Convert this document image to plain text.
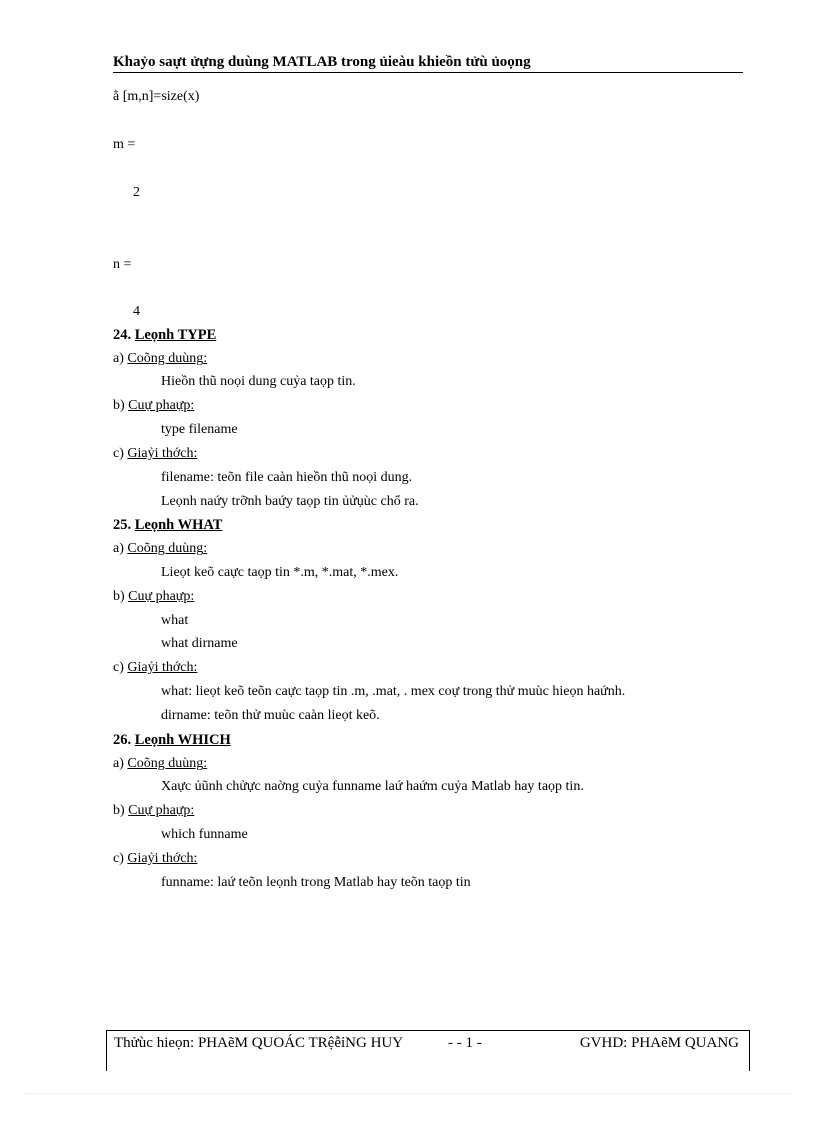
Khaỷo saựt ửựng duùng MATLAB trong ủieàu khieồn tửù ủoọng
ằ [m,n]=size(x)
m =
2
n =
4
24. Leọnh TYPE
a) Coõng duùng:
Hieồn thũ noọi dung cuỷa taọp tin.
b) Cuự phaựp:
type filename
c) Giaỷi thớch:
filename: teõn file caàn hieồn thũ noọi dung.
Leọnh naứy trỡnh baứy taọp tin ủửụùc chổ ra.
25. Leọnh WHAT
a) Coõng duùng:
Lieọt keõ caực taọp tin *.m, *.mat, *.mex.
b) Cuự phaựp:
what
what dirname
c) Giaỷi thớch:
what: lieọt keõ teõn caực taọp tin .m, .mat, . mex coự trong thử muùc hieọn haứnh.
dirname: teõn thử muùc caàn lieọt keõ.
26. Leọnh WHICH
a) Coõng duùng:
Xaực ủũnh chửực naờng cuỷa funname laứ haứm cuỷa Matlab hay taọp tin.
b) Cuự phaựp:
which funname
c) Giaỷi thớch:
funname: laứ teõn leọnh trong Matlab hay teõn taọp tin
Thửùc hieọn: PHAẽM QUOÁC TRệễỉNG HUY	- - 1 -	GVHD: PHAẽM QUANG
